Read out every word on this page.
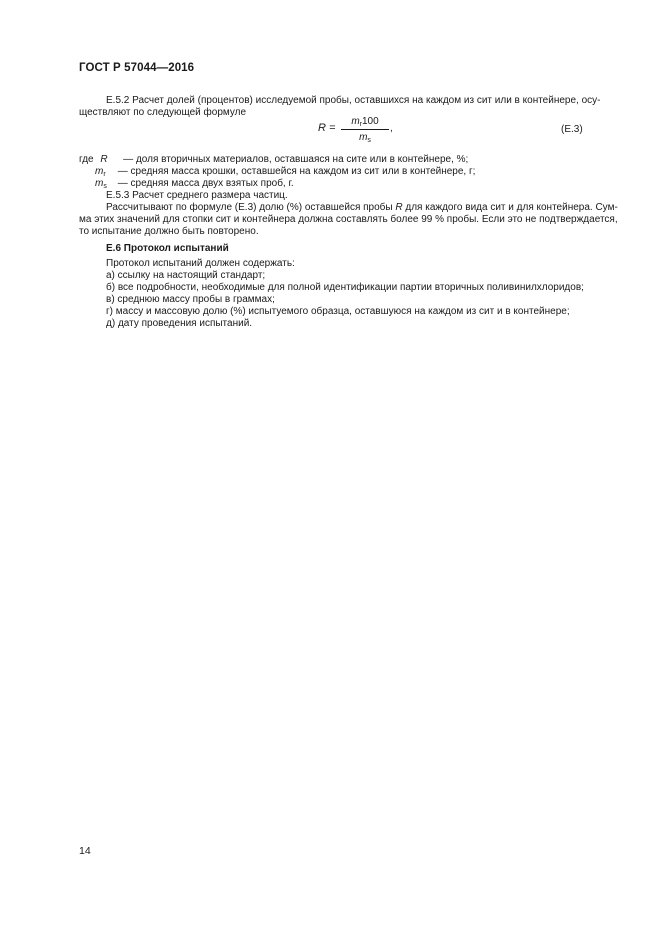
ГОСТ Р 57044—2016

Е.5.2 Расчет долей (процентов) исследуемой пробы, оставшихся на каждом из сит или в контейнере, осу-

ществляют по следующей формуле

R =
$m_r100$
$m_s$
,	(Е.3)

где R — доля вторичных материалов, оставшаяся на сите или в контейнере, %;

$m_r$ — средняя масса крошки, оставшейся на каждом из сит или в контейнере, г;

$m_s$ — средняя масса двух взятых проб, г.

Е.5.3 Расчет среднего размера частиц.

Рассчитывают по формуле (Е.3) долю (%) оставшейся пробы R для каждого вида сит и для контейнера. Сум-

ма этих значений для стопки сит и контейнера должна составлять более 99 % пробы. Если это не подтверждается,

то испытание должно быть повторено.

Е.6 Протокол испытаний

Протокол испытаний должен содержать:

а) ссылку на настоящий стандарт;

б) все подробности, необходимые для полной идентификации партии вторичных поливинилхлоридов;

в) среднюю массу пробы в граммах;

г) массу и массовую долю (%) испытуемого образца, оставшуюся на каждом из сит и в контейнере;

д) дату проведения испытаний.

14
